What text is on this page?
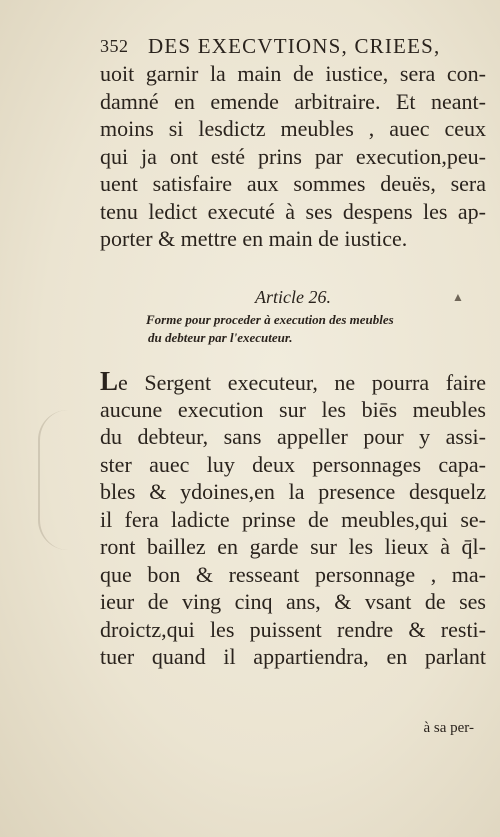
352 DES EXECVTIONS, CRIEES,
uoit garnir la main de iustice, sera con-
damné en emende arbitraire. Et neant-
moins si lesdictz meubles , auec ceux
qui ja ont esté prins par execution,peu-
uent satisfaire aux sommes deuës, sera
tenu ledict executé à ses despens les ap-
porter & mettre en main de iustice.
Article 26.	▲
Forme pour proceder à execution des meubles
du debteur par l'executeur.
Le Sergent executeur, ne pourra faire
aucune execution sur les biēs meubles
du debteur, sans appeller pour y assi-
ster auec luy deux personnages capa-
bles & ydoines,en la presence desquelz
il fera ladicte prinse de meubles,qui se-
ront baillez en garde sur les lieux à q̄l-
que bon & resseant personnage , ma-
ieur de ving cinq ans, & vsant de ses
droictz,qui les puissent rendre & resti-
tuer quand il appartiendra, en parlant
à sa per-
